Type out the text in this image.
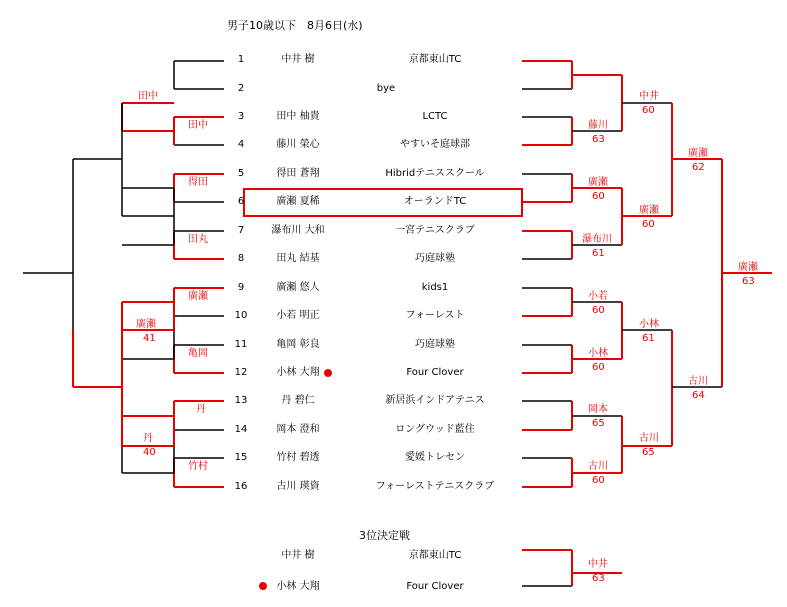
男子10歳以下　8月6日(水)
3位決定戦
1	中井 樹	京都東山TC
2	bye
3	田中 柚貴	LCTC
4	藤川 榮心	やすいそ庭球部
5	得田 蒼翔	Hibridテニススクール
6	廣瀬 夏稀	オーランドTC
7	瀑布川 大和	一宮テニスクラブ
8	田丸 結基	巧庭球塾
9	廣瀬 悠人	kids1
10	小若 明正	フォーレスト
11	亀岡 彰良	巧庭球塾
12	小林 大翔	Four Clover
13	丹 碧仁	新居浜インドアテニス
14	岡本 澄和	ロングウッド藍住
15	竹村 碧透	愛媛トレセン
16	古川 瑛資	フォーレストテニスクラブ
中井 樹	京都東山TC
小林 大翔	Four Clover
田中
田中
得田
田丸
廣瀬
廣瀬
41
亀岡
丹
丹
40
竹村
藤川
63
中井
60
廣瀬
60
廣瀬
62
廣瀬
60
瀑布川
61
廣瀬
63
小若
60
小林
61
小林
60
古川
64
岡本
65
古川
65
古川
60
中井
63
